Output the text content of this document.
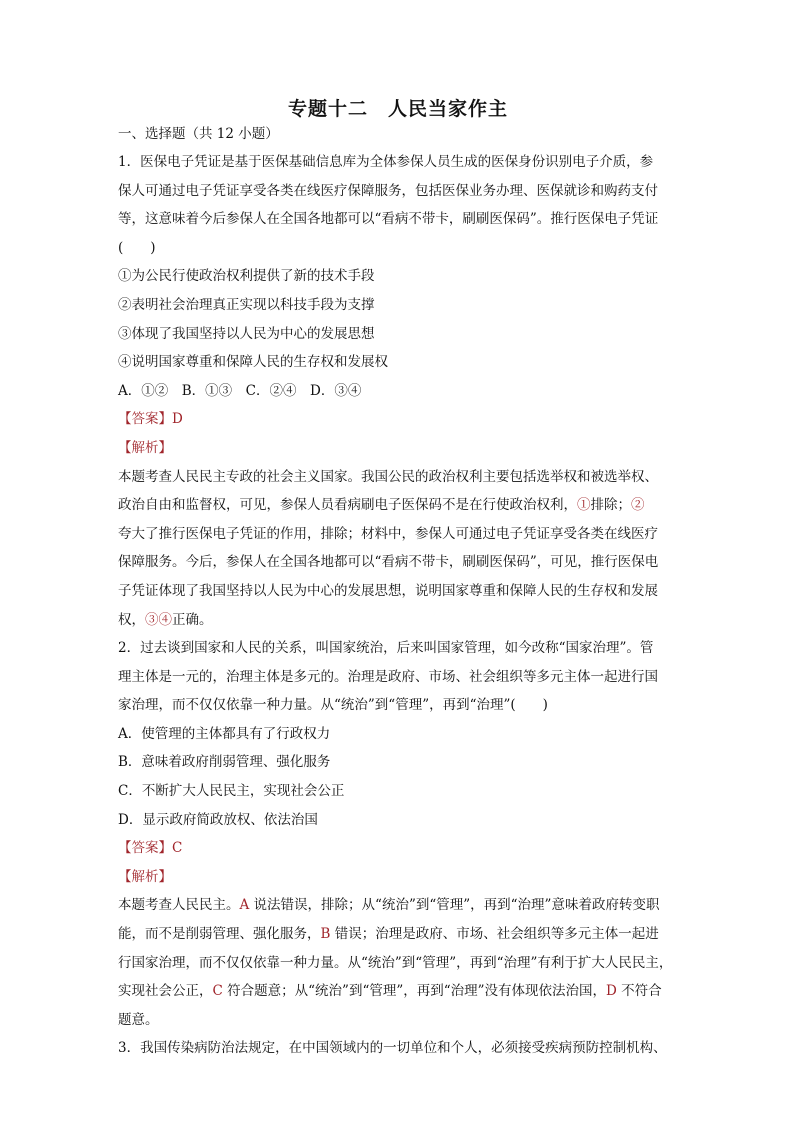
专题十二　人民当家作主
一、选择题（共 12 小题）
1．医保电子凭证是基于医保基础信息库为全体参保人员生成的医保身份识别电子介质，参
保人可通过电子凭证享受各类在线医疗保障服务，包括医保业务办理、医保就诊和购药支付
等，这意味着今后参保人在全国各地都可以“看病不带卡，刷刷医保码”。推行医保电子凭证
(　　)
①为公民行使政治权利提供了新的技术手段
②表明社会治理真正实现以科技手段为支撑
③体现了我国坚持以人民为中心的发展思想
④说明国家尊重和保障人民的生存权和发展权
A．①②　B．①③　C．②④　D．③④
【答案】D
【解析】
本题考查人民民主专政的社会主义国家。我国公民的政治权利主要包括选举权和被选举权、
政治自由和监督权，可见，参保人员看病刷电子医保码不是在行使政治权利，①排除；②
夸大了推行医保电子凭证的作用，排除；材料中，参保人可通过电子凭证享受各类在线医疗
保障服务。今后，参保人在全国各地都可以“看病不带卡，刷刷医保码”，可见，推行医保电
子凭证体现了我国坚持以人民为中心的发展思想，说明国家尊重和保障人民的生存权和发展
权，③④正确。
2．过去谈到国家和人民的关系，叫国家统治，后来叫国家管理，如今改称“国家治理”。管
理主体是一元的，治理主体是多元的。治理是政府、市场、社会组织等多元主体一起进行国
家治理，而不仅仅依靠一种力量。从“统治”到“管理”，再到“治理”(　　)
A．使管理的主体都具有了行政权力
B．意味着政府削弱管理、强化服务
C．不断扩大人民民主，实现社会公正
D．显示政府简政放权、依法治国
【答案】C
【解析】
本题考查人民民主。A 说法错误，排除；从“统治”到“管理”，再到“治理”意味着政府转变职
能，而不是削弱管理、强化服务，B 错误；治理是政府、市场、社会组织等多元主体一起进
行国家治理，而不仅仅依靠一种力量。从“统治”到“管理”，再到“治理”有利于扩大人民民主，
实现社会公正，C 符合题意；从“统治”到“管理”，再到“治理”没有体现依法治国，D 不符合
题意。
3．我国传染病防治法规定，在中国领域内的一切单位和个人，必须接受疾病预防控制机构、
